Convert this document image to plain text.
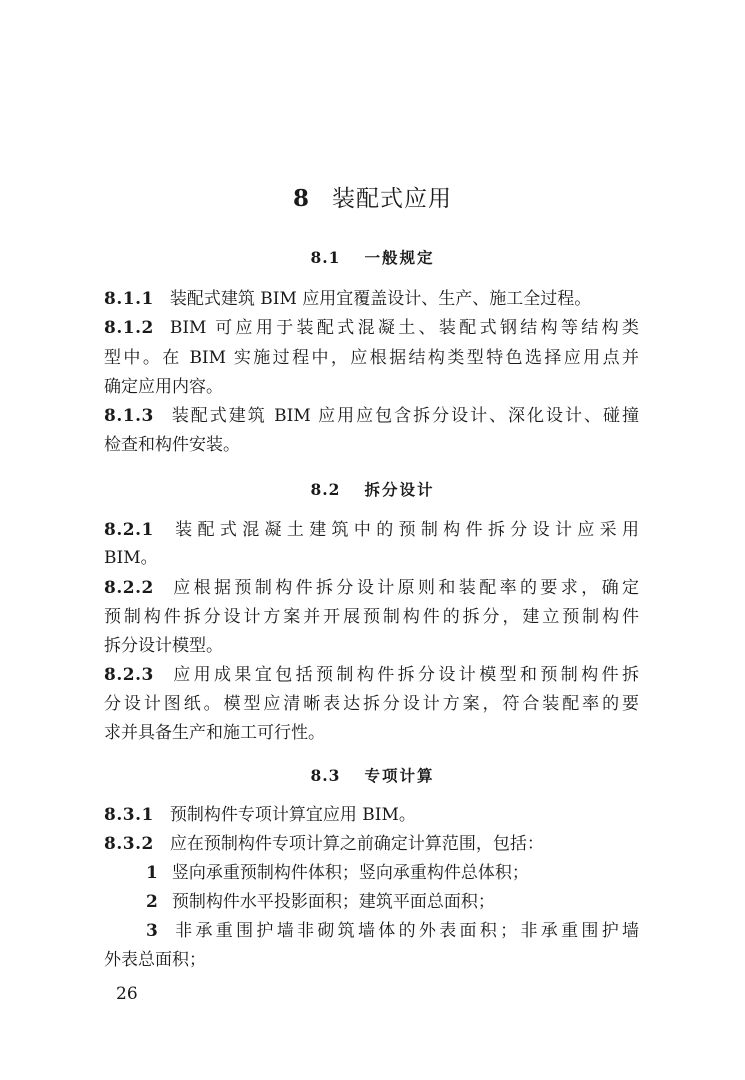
8 装配式应用
8.1 一般规定
8.1.1 装配式建筑 BIM 应用宜覆盖设计、生产、施工全过程。
8.1.2 BIM 可应用于装配式混凝土、装配式钢结构等结构类
型中。在 BIM 实施过程中，应根据结构类型特色选择应用点并
确定应用内容。
8.1.3 装配式建筑 BIM 应用应包含拆分设计、深化设计、碰撞
检查和构件安装。
8.2 拆分设计
8.2.1 装配式混凝土建筑中的预制构件拆分设计应采用
BIM。
8.2.2 应根据预制构件拆分设计原则和装配率的要求，确定
预制构件拆分设计方案并开展预制构件的拆分，建立预制构件
拆分设计模型。
8.2.3 应用成果宜包括预制构件拆分设计模型和预制构件拆
分设计图纸。模型应清晰表达拆分设计方案，符合装配率的要
求并具备生产和施工可行性。
8.3 专项计算
8.3.1 预制构件专项计算宜应用 BIM。
8.3.2 应在预制构件专项计算之前确定计算范围，包括：
1 竖向承重预制构件体积；竖向承重构件总体积；
2 预制构件水平投影面积；建筑平面总面积；
3 非承重围护墙非砌筑墙体的外表面积；非承重围护墙
外表总面积；
26
